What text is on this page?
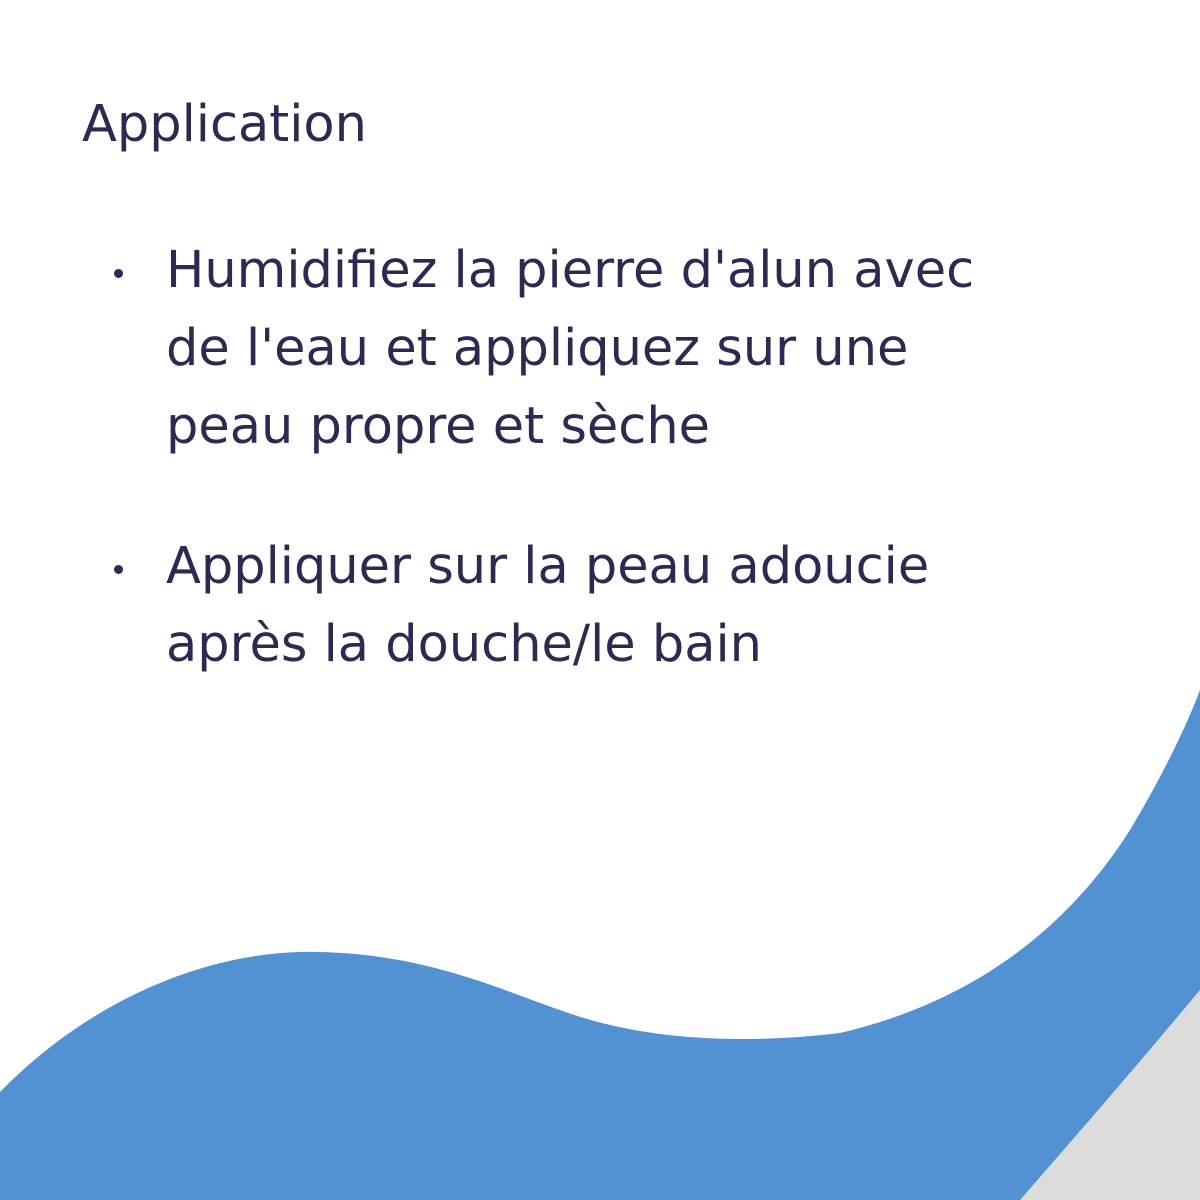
Application
Humidifiez la pierre d'alun avec
de l'eau et appliquez sur une
peau propre et sèche
Appliquer sur la peau adoucie
après la douche/le bain
